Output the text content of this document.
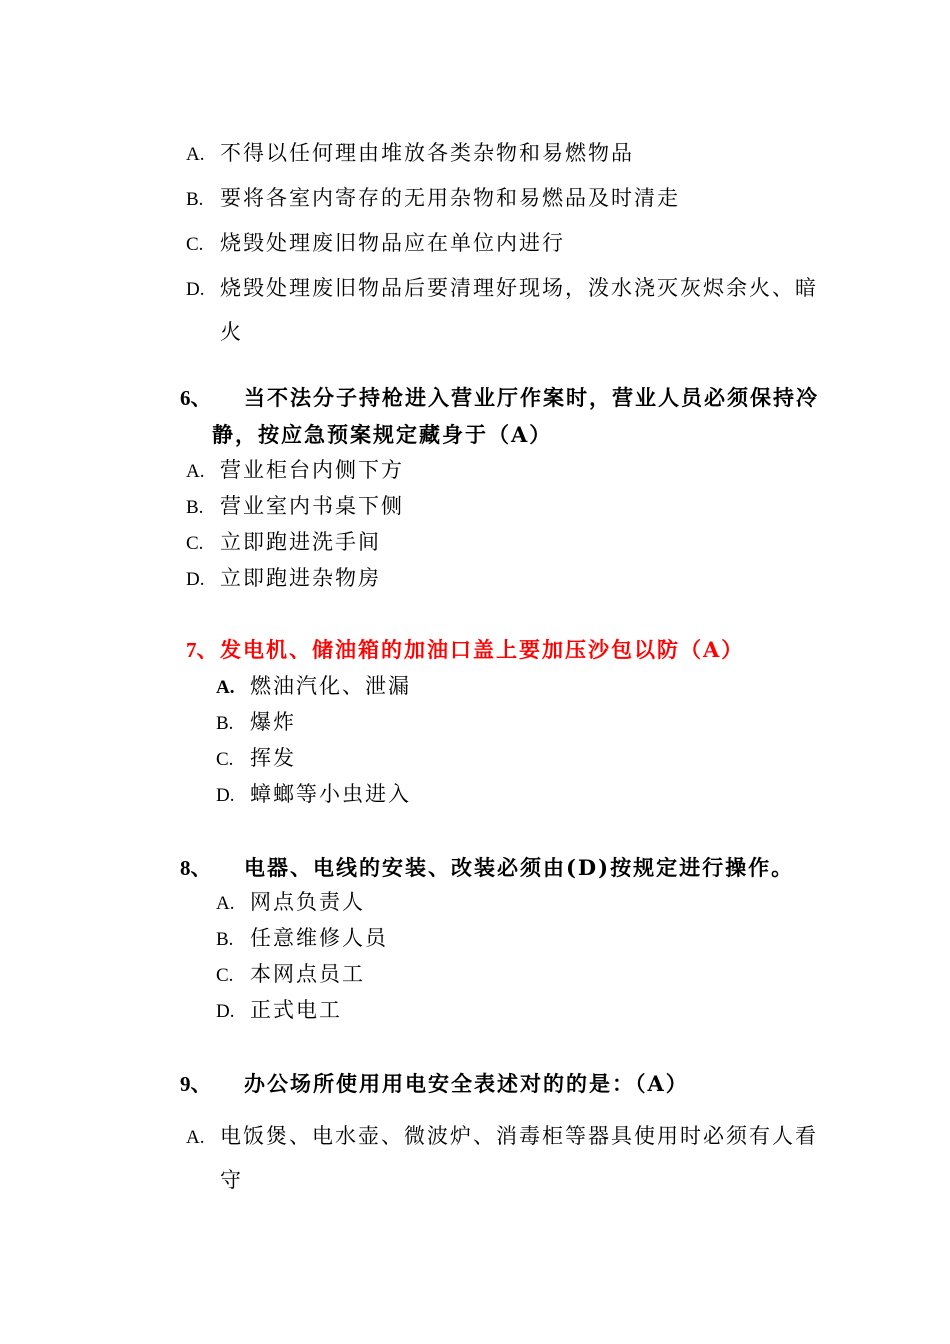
A. 不得以任何理由堆放各类杂物和易燃物品
B. 要将各室内寄存的无用杂物和易燃品及时清走
C. 烧毁处理废旧物品应在单位内进行
D. 烧毁处理废旧物品后要清理好现场，泼水浇灭灰烬余火、暗
火
6、 当不法分子持枪进入营业厅作案时，营业人员必须保持冷
静，按应急预案规定藏身于（A）
A. 营业柜台内侧下方
B. 营业室内书桌下侧
C. 立即跑进洗手间
D. 立即跑进杂物房
7、 发电机、储油箱的加油口盖上要加压沙包以防（A）
A. 燃油汽化、泄漏
B. 爆炸
C. 挥发
D. 蟑螂等小虫进入
8、 电器、电线的安装、改装必须由(D)按规定进行操作。
A. 网点负责人
B. 任意维修人员
C. 本网点员工
D. 正式电工
9、 办公场所使用用电安全表述对的的是：（A）
A. 电饭煲、电水壶、微波炉、消毒柜等器具使用时必须有人看
守
